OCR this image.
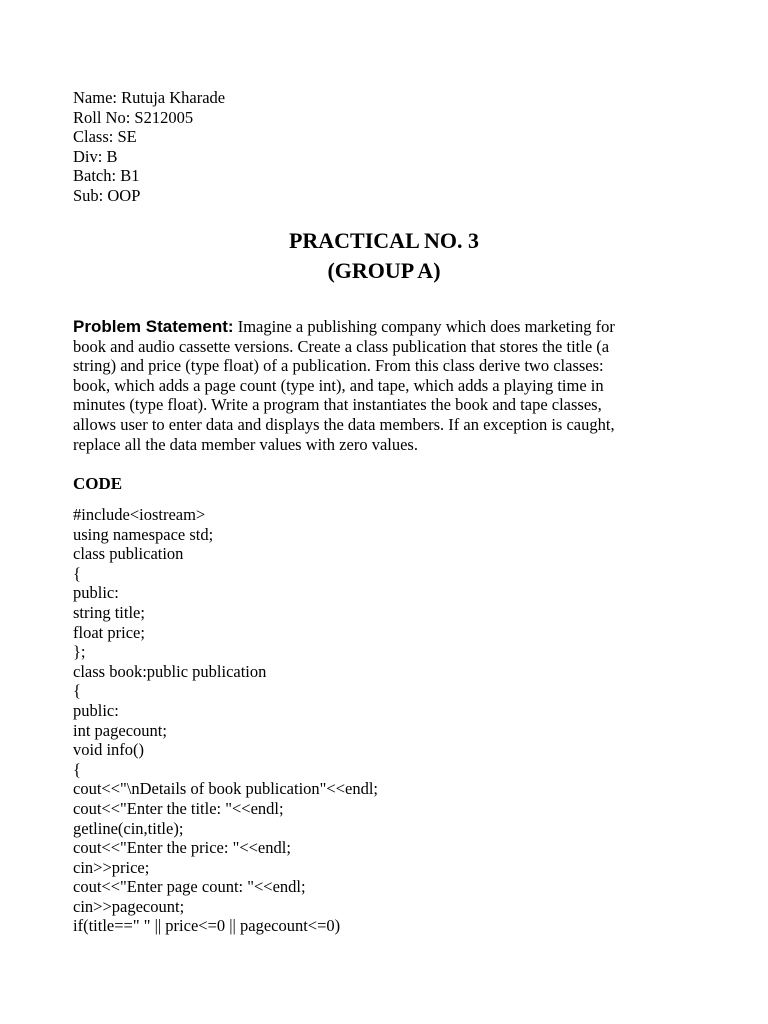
Name: Rutuja Kharade
Roll No: S212005
Class: SE
Div: B
Batch: B1
Sub: OOP
PRACTICAL NO. 3
(GROUP A)
Problem Statement: Imagine a publishing company which does marketing for
book and audio cassette versions. Create a class publication that stores the title (a
string) and price (type float) of a publication. From this class derive two classes:
book, which adds a page count (type int), and tape, which adds a playing time in
minutes (type float). Write a program that instantiates the book and tape classes,
allows user to enter data and displays the data members. If an exception is caught,
replace all the data member values with zero values.
CODE
#include<iostream>
using namespace std;
class publication
{
public:
string title;
float price;
};
class book:public publication
{
public:
int pagecount;
void info()
{
cout<<"\nDetails of book publication"<<endl;
cout<<"Enter the title: "<<endl;
getline(cin,title);
cout<<"Enter the price: "<<endl;
cin>>price;
cout<<"Enter page count: "<<endl;
cin>>pagecount;
if(title==" " || price<=0 || pagecount<=0)
